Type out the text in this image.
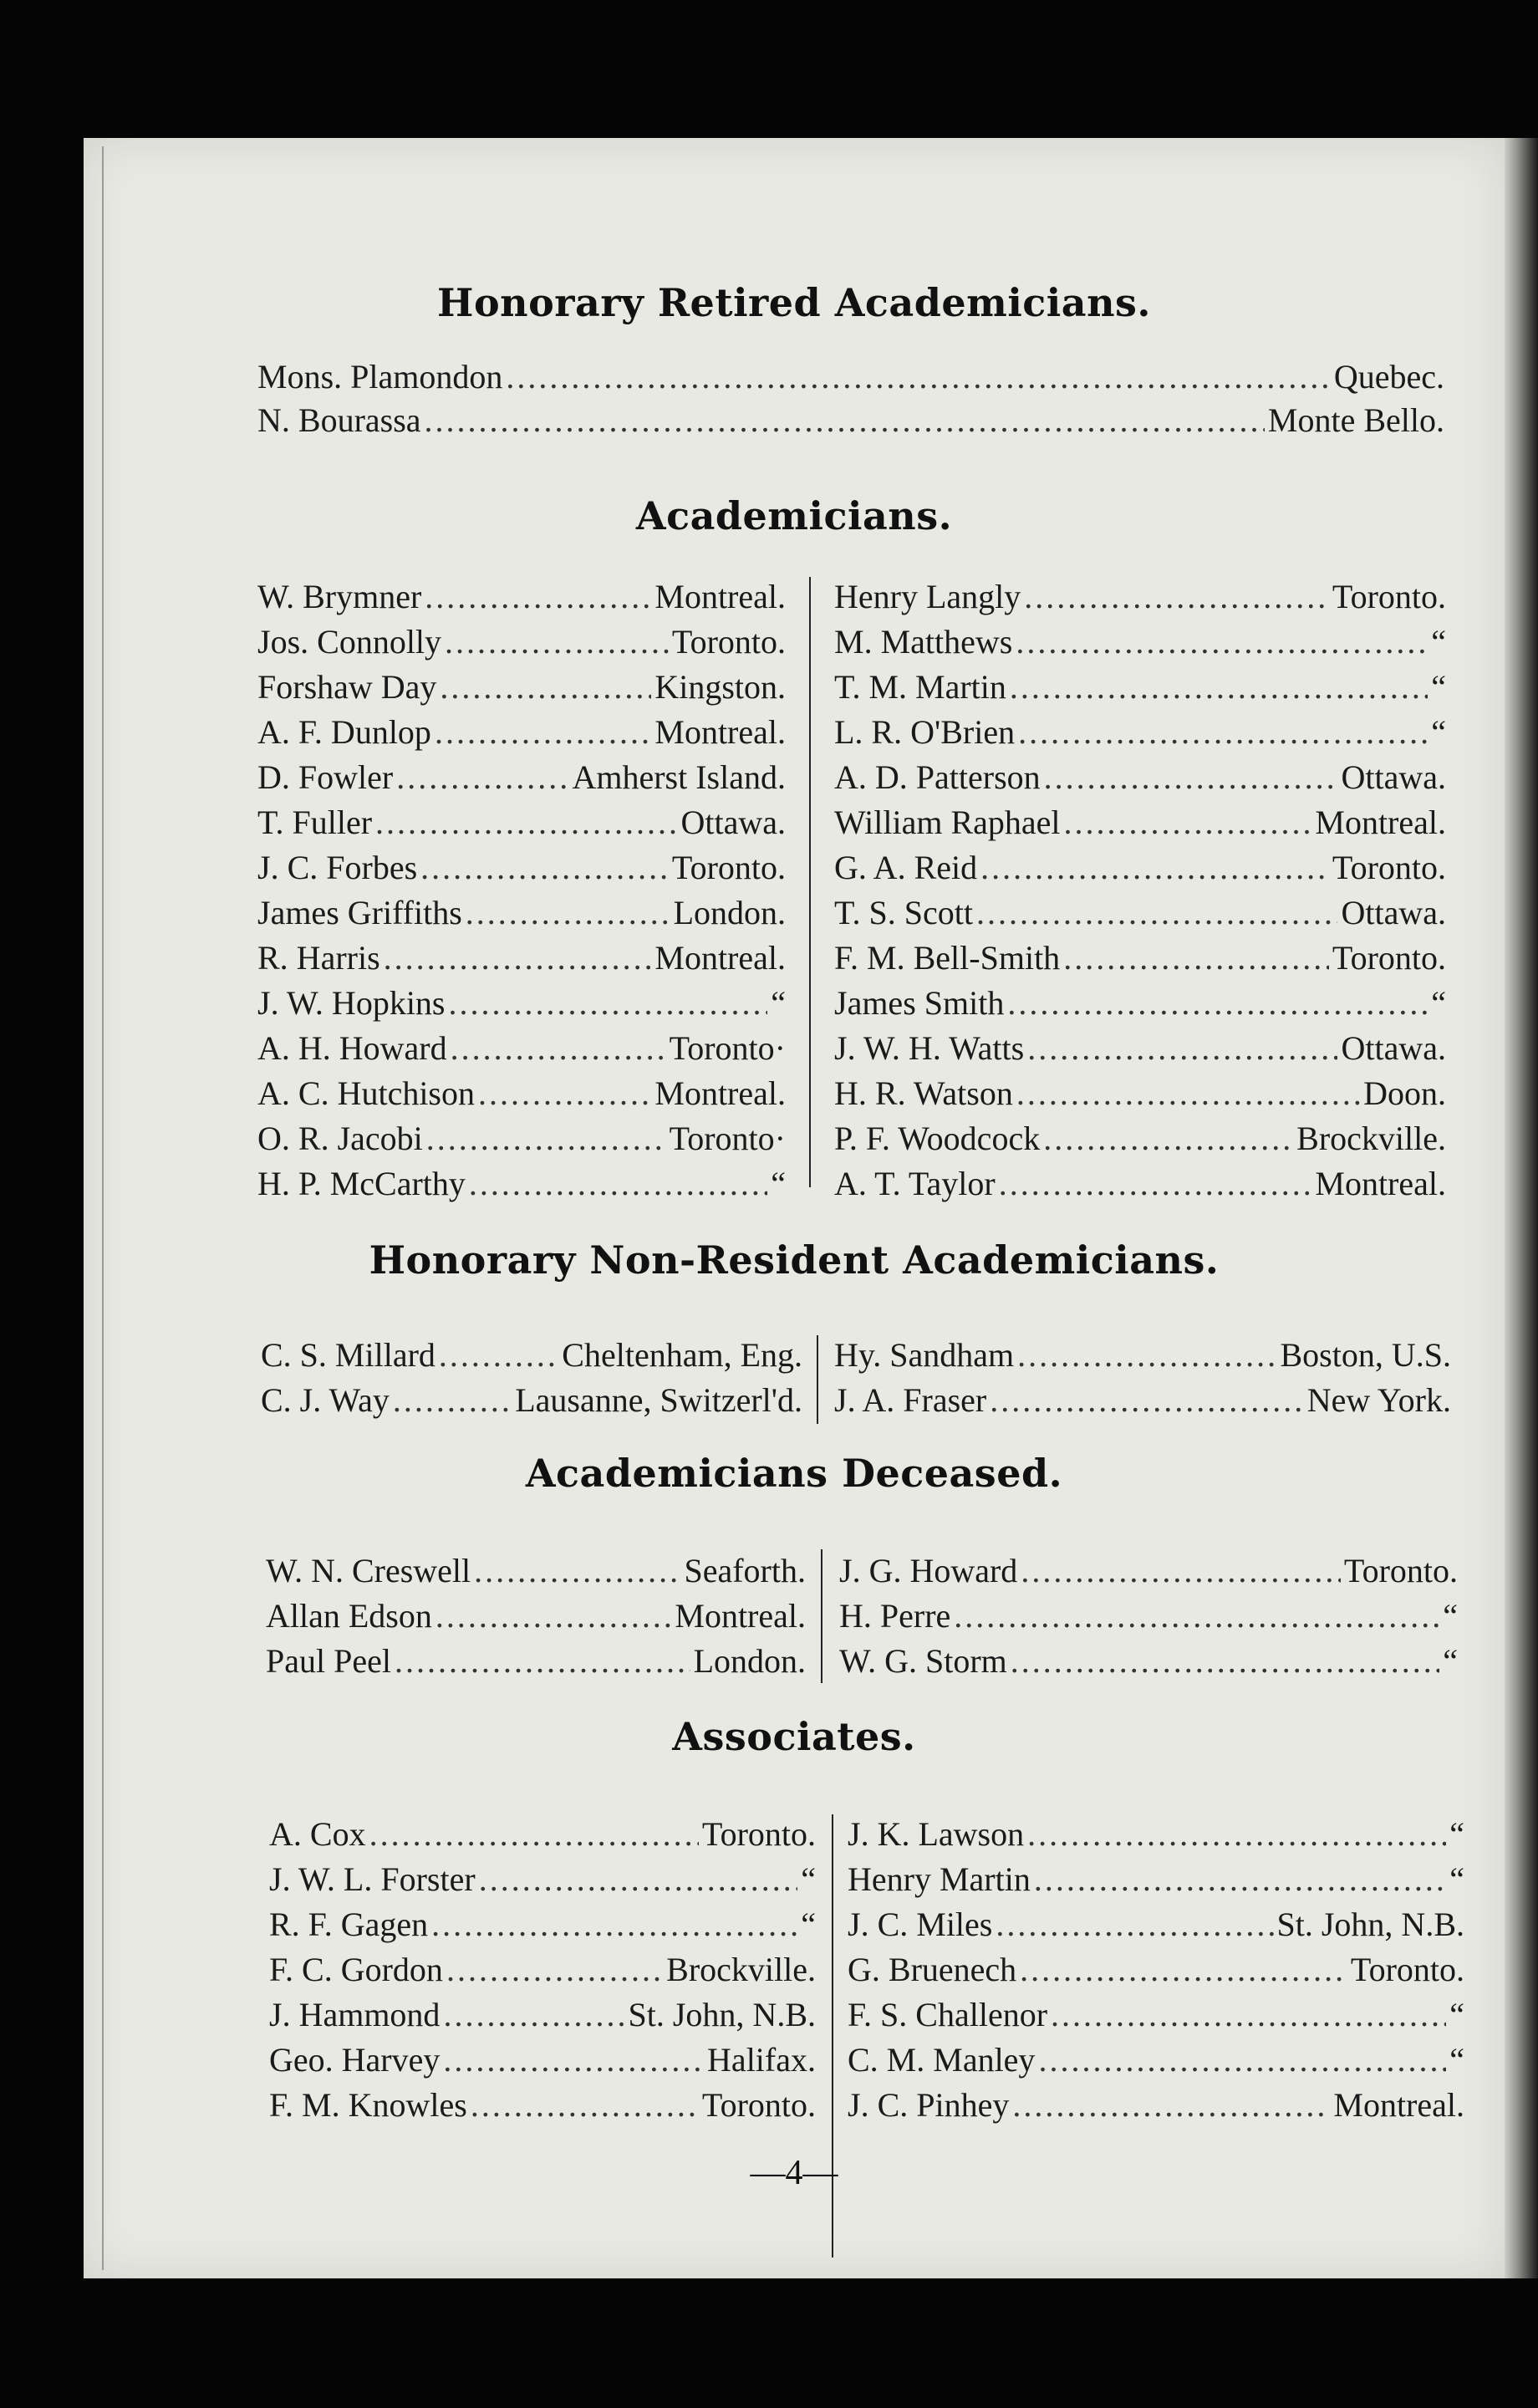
Honorary Retired Academicians.
Mons. Plamondon .....	Quebec.
N. Bourassa .....	Monte Bello.
Academicians.
W. Brymner .....	Montreal.
Jos. Connolly .....	Toronto.
Forshaw Day .....	Kingston.
A. F. Dunlop .....	Montreal.
D. Fowler .....	Amherst Island.
T. Fuller .....	Ottawa.
J. C. Forbes .....	Toronto.
James Griffiths .....	London.
R. Harris .....	Montreal.
J. W. Hopkins .....	“
A. H. Howard .....	Toronto·
A. C. Hutchison .....	Montreal.
O. R. Jacobi .....	Toronto·
H. P. McCarthy .....	“
Henry Langly .....	Toronto.
M. Matthews .....	“
T. M. Martin .....	“
L. R. O'Brien .....	“
A. D. Patterson .....	Ottawa.
William Raphael .....	Montreal.
G. A. Reid .....	Toronto.
T. S. Scott .....	Ottawa.
F. M. Bell-Smith .....	Toronto.
James Smith .....	“
J. W. H. Watts .....	Ottawa.
H. R. Watson .....	Doon.
P. F. Woodcock .....	Brockville.
A. T. Taylor .....	Montreal.
Honorary Non-Resident Academicians.
C. S. Millard .....	Cheltenham, Eng.
C. J. Way .....	Lausanne, Switzerl'd.
Hy. Sandham .....	Boston, U.S.
J. A. Fraser .....	New York.
Academicians Deceased.
W. N. Creswell .....	Seaforth.
Allan Edson .....	Montreal.
Paul Peel .....	London.
J. G. Howard .....	Toronto.
H. Perre .....	“
W. G. Storm .....	“
Associates.
A. Cox .....	Toronto.
J. W. L. Forster .....	“
R. F. Gagen .....	“
F. C. Gordon .....	Brockville.
J. Hammond .....	St. John, N.B.
Geo. Harvey .....	Halifax.
F. M. Knowles .....	Toronto.
J. K. Lawson .....	“
Henry Martin .....	“
J. C. Miles .....	St. John, N.B.
G. Bruenech .....	Toronto.
F. S. Challenor .....	“
C. M. Manley .....	“
J. C. Pinhey .....	Montreal.
—4—
